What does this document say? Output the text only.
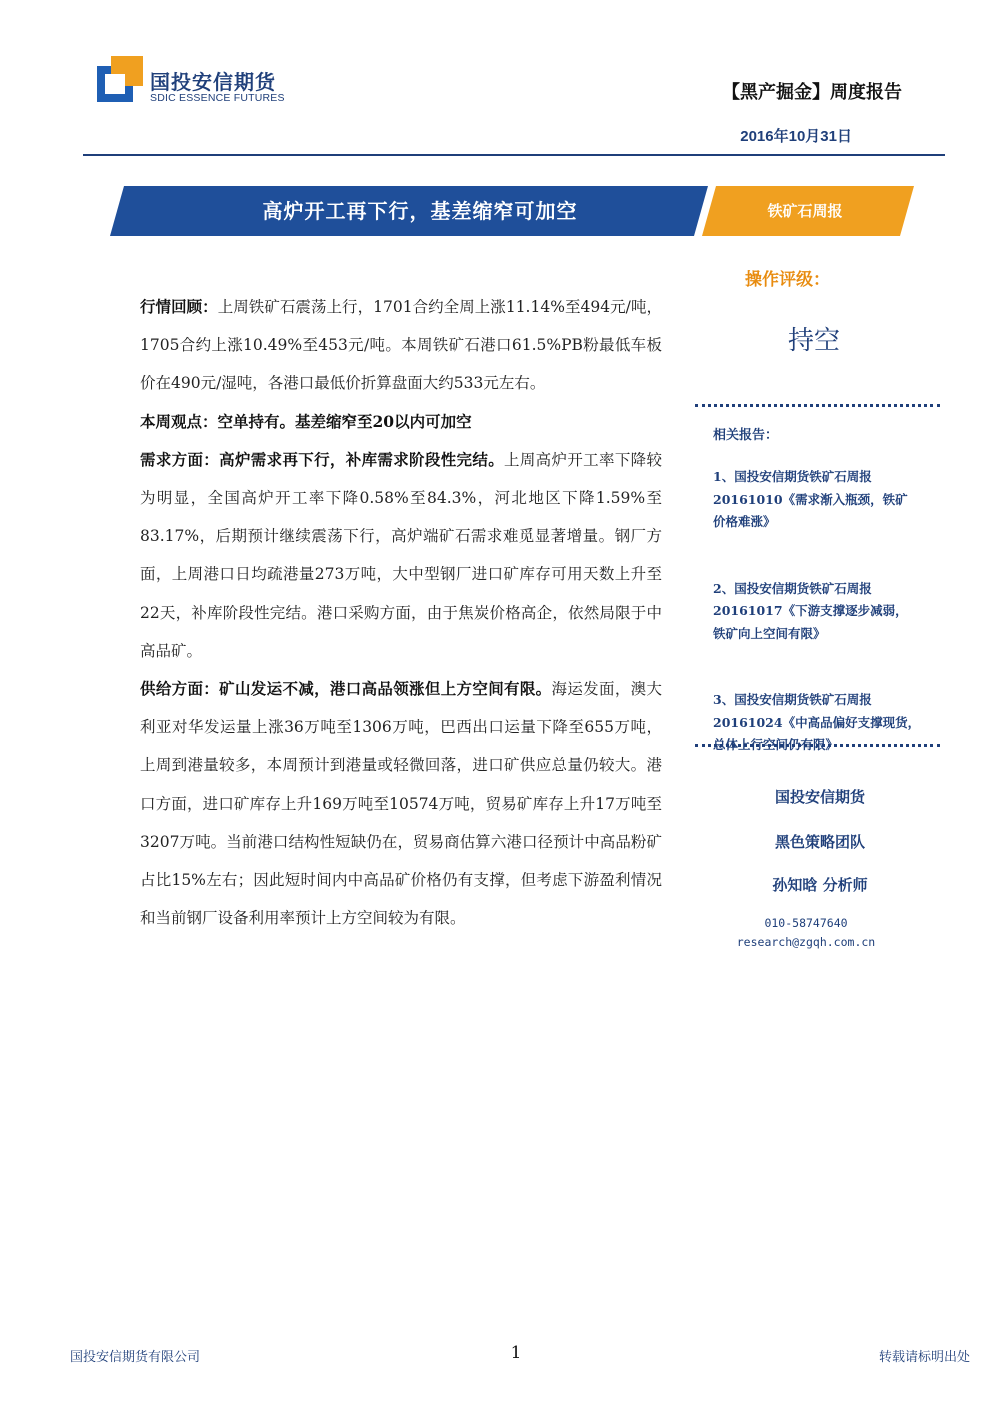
国投安信期货
SDIC ESSENCE FUTURES	【黑产掘金】周度报告
2016年10月31日
高炉开工再下行，基差缩窄可加空	铁矿石周报

行情回顾：上周铁矿石震荡上行，1701合约全周上涨11.14%至494元/吨，1705合约上涨10.49%至453元/吨。本周铁矿石港口61.5%PB粉最低车板价在490元/湿吨，各港口最低价折算盘面大约533元左右。

本周观点：空单持有。基差缩窄至20以内可加空

需求方面：高炉需求再下行，补库需求阶段性完结。上周高炉开工率下降较为明显，全国高炉开工率下降0.58%至84.3%，河北地区下降1.59%至83.17%，后期预计继续震荡下行，高炉端矿石需求难觅显著增量。钢厂方面，上周港口日均疏港量273万吨，大中型钢厂进口矿库存可用天数上升至22天，补库阶段性完结。港口采购方面，由于焦炭价格高企，依然局限于中高品矿。

供给方面：矿山发运不减，港口高品领涨但上方空间有限。海运发面，澳大利亚对华发运量上涨36万吨至1306万吨，巴西出口运量下降至655万吨，上周到港量较多，本周预计到港量或轻微回落，进口矿供应总量仍较大。港口方面，进口矿库存上升169万吨至10574万吨，贸易矿库存上升17万吨至3207万吨。当前港口结构性短缺仍在，贸易商估算六港口径预计中高品粉矿占比15%左右；因此短时间内中高品矿价格仍有支撑，但考虑下游盈利情况和当前钢厂设备利用率预计上方空间较为有限。

操作评级：
持空
相关报告：
1、国投安信期货铁矿石周报
20161010《需求渐入瓶颈，铁矿
价格难涨》
2、国投安信期货铁矿石周报
20161017《下游支撑逐步减弱，
铁矿向上空间有限》
3、国投安信期货铁矿石周报
20161024《中高品偏好支撑现货，
总体上行空间仍有限》
国投安信期货
黑色策略团队
孙知晗 分析师
010-58747640
research@zgqh.com.cn
国投安信期货有限公司	1	转载请标明出处
